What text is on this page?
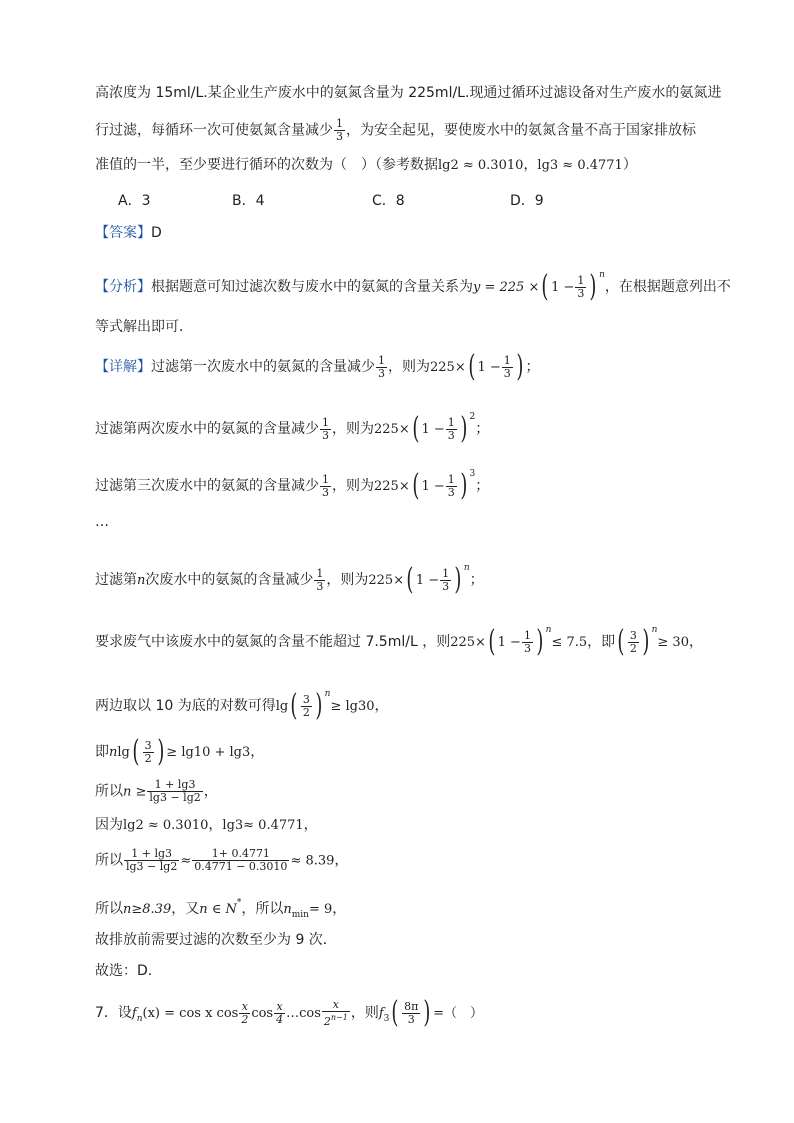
高浓度为 15ml/L.某企业生产废水中的氨氮含量为 225ml/L.现通过循环过滤设备对生产废水的氨氮进
行过滤，每循环一次可使氨氮含量减少 $\frac{1}{3}$ ，为安全起见，要使废水中的氨氮含量不高于国家排放标
准值的一半，至少要进行循环的次数为（　）（参考数据lg2 ≈ 0.3010，lg3 ≈ 0.4771）
A．3	B．4	C．8	D．9
【答案】D
【分析】根据题意可知过滤次数与废水中的氨氮的含量关系为y = 225 ×( $1 - \frac{1}{3}$ ) $^n$，在根据题意列出不
等式解出即可．
【详解】过滤第一次废水中的氨氮的含量减少 $\frac{1}{3}$ ，则为225×( $1 - \frac{1}{3}$ ) ；
过滤第两次废水中的氨氮的含量减少 $\frac{1}{3}$ ，则为225×( $1 - \frac{1}{3}$ ) $^2$；
过滤第三次废水中的氨氮的含量减少 $\frac{1}{3}$ ，则为225×( $1 - \frac{1}{3}$ ) $^3$；
…
过滤第n次废水中的氨氮的含量减少 $\frac{1}{3}$ ，则为225×( $1 - \frac{1}{3}$ ) $^n$；
要求废气中该废水中的氨氮的含量不能超过 7.5ml/L ，则225×( $1 - \frac{1}{3}$ ) $^n$≤ 7.5，即( $\frac{3}{2}$ ) $^n$≥ 30，
两边取以 10 为底的对数可得$\lg( \frac{3}{2}$ ) $^n$≥ lg30，
即$nlg( \frac{3}{2}$ ) ≥ lg10 + lg3，
所以$n \ge \frac{1 + \lg 3}{\lg 3 - \lg 2}$ ，
因为lg2 ≈ 0.3010，lg3≈ 0.4771，
所以 $\frac{1 + \lg 3}{\lg 3 - \lg 2} \approx \frac{1+ 0.4771}{0.4771 - 0.3010} \approx 8.39$，
所以n≥8.39，又n ∈ N*，所以$n_{min}= 9$，
故排放前需要过滤的次数至少为 9 次．
故选：D．
7．设$f_n(x) = \cos x$ $\cos \frac{x}{2}$ $\cos \frac{x}{4}$ …cos $\frac{x}{2^{n-1}}$ ，则$f_3( \frac{8\pi}{3}$ ) =（　）
